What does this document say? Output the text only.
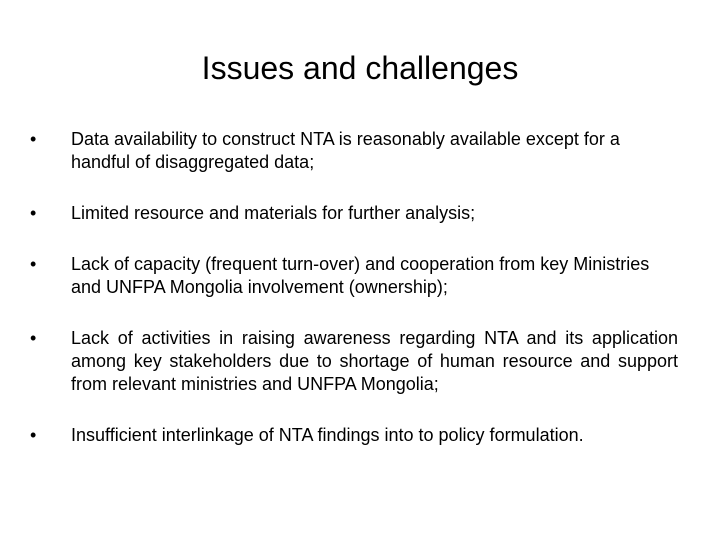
Issues and challenges
•	Data availability to construct NTA is reasonably available except for a handful of disaggregated data;
•	Limited resource and materials for further analysis;
•	Lack of capacity (frequent turn-over) and cooperation from key Ministries and UNFPA Mongolia involvement (ownership);
•	Lack of activities in raising awareness regarding NTA and its application among key stakeholders due to shortage of human resource and support from relevant ministries and UNFPA Mongolia;
•	Insufficient interlinkage of NTA findings into to policy formulation.
